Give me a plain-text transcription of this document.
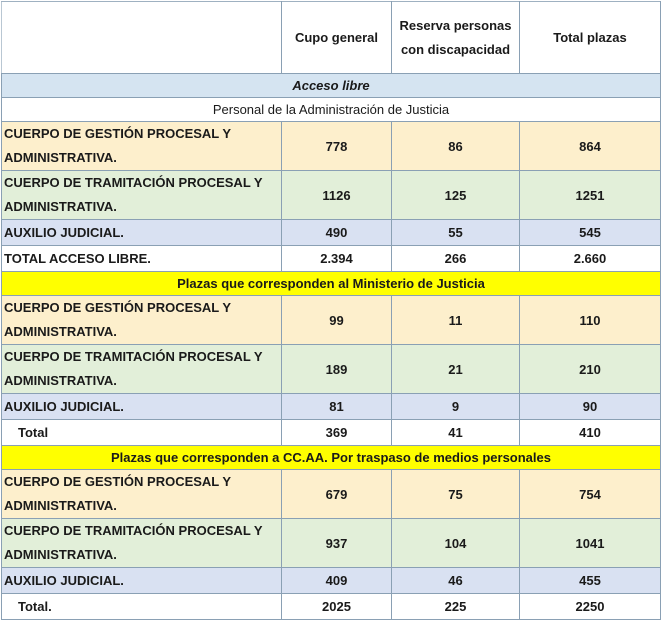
	Cupo general	Reserva personas
con discapacidad	Total plazas
Acceso libre			
Personal de la Administración de Justicia			

CUERPO DE GESTIÓN PROCESAL Y
ADMINISTRATIVA.	778	86	864

CUERPO DE TRAMITACIÓN PROCESAL Y
ADMINISTRATIVA.	1126	125	1251
AUXILIO JUDICIAL.	490	55	545
TOTAL ACCESO LIBRE.	2.394	266	2.660
Plazas que corresponden al Ministerio de Justicia			

CUERPO DE GESTIÓN PROCESAL Y
ADMINISTRATIVA.	99	11	110

CUERPO DE TRAMITACIÓN PROCESAL Y
ADMINISTRATIVA.	189	21	210
AUXILIO JUDICIAL.	81	9	90
Total	369	41	410
Plazas que corresponden a CC.AA. Por traspaso de medios personales			

CUERPO DE GESTIÓN PROCESAL Y
ADMINISTRATIVA.	679	75	754

CUERPO DE TRAMITACIÓN PROCESAL Y
ADMINISTRATIVA.	937	104	1041
AUXILIO JUDICIAL.	409	46	455
Total.	2025	225	2250
